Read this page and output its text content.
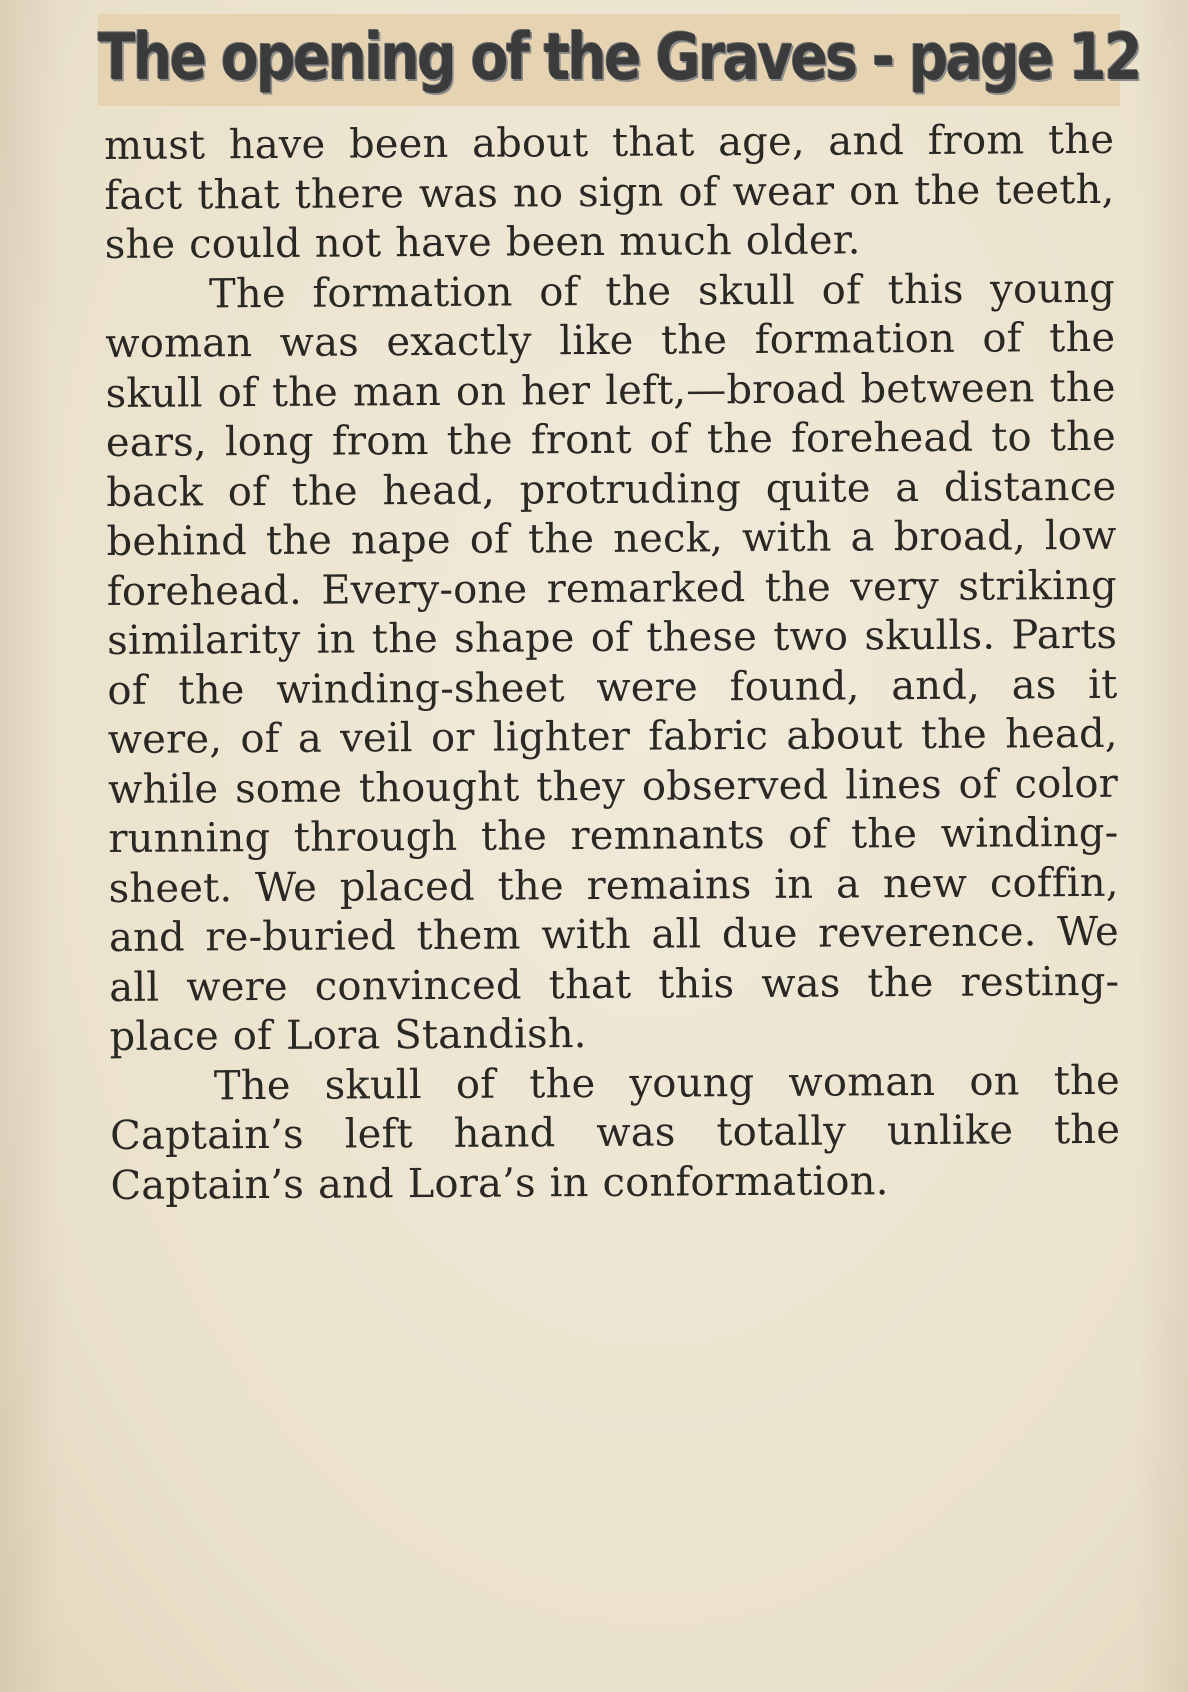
The opening of the Graves - page 12

must have been about that age, and from the fact that there was no sign of wear on the teeth, she could not have been much older.

The formation of the skull of this young woman was exactly like the formation of the skull of the man on her left,—broad between the ears, long from the front of the forehead to the back of the head, protruding quite a distance behind the nape of the neck, with a broad, low forehead. Every-one remarked the very striking similarity in the shape of these two skulls. Parts of the winding-sheet were found, and, as it were, of a veil or lighter fabric about the head, while some thought they observed lines of color running through the remnants of the winding-sheet. We placed the remains in a new coffin, and re-buried them with all due reverence. We all were convinced that this was the resting-place of Lora Standish.

The skull of the young woman on the Captain’s left hand was totally unlike the Captain’s and Lora’s in conformation.
